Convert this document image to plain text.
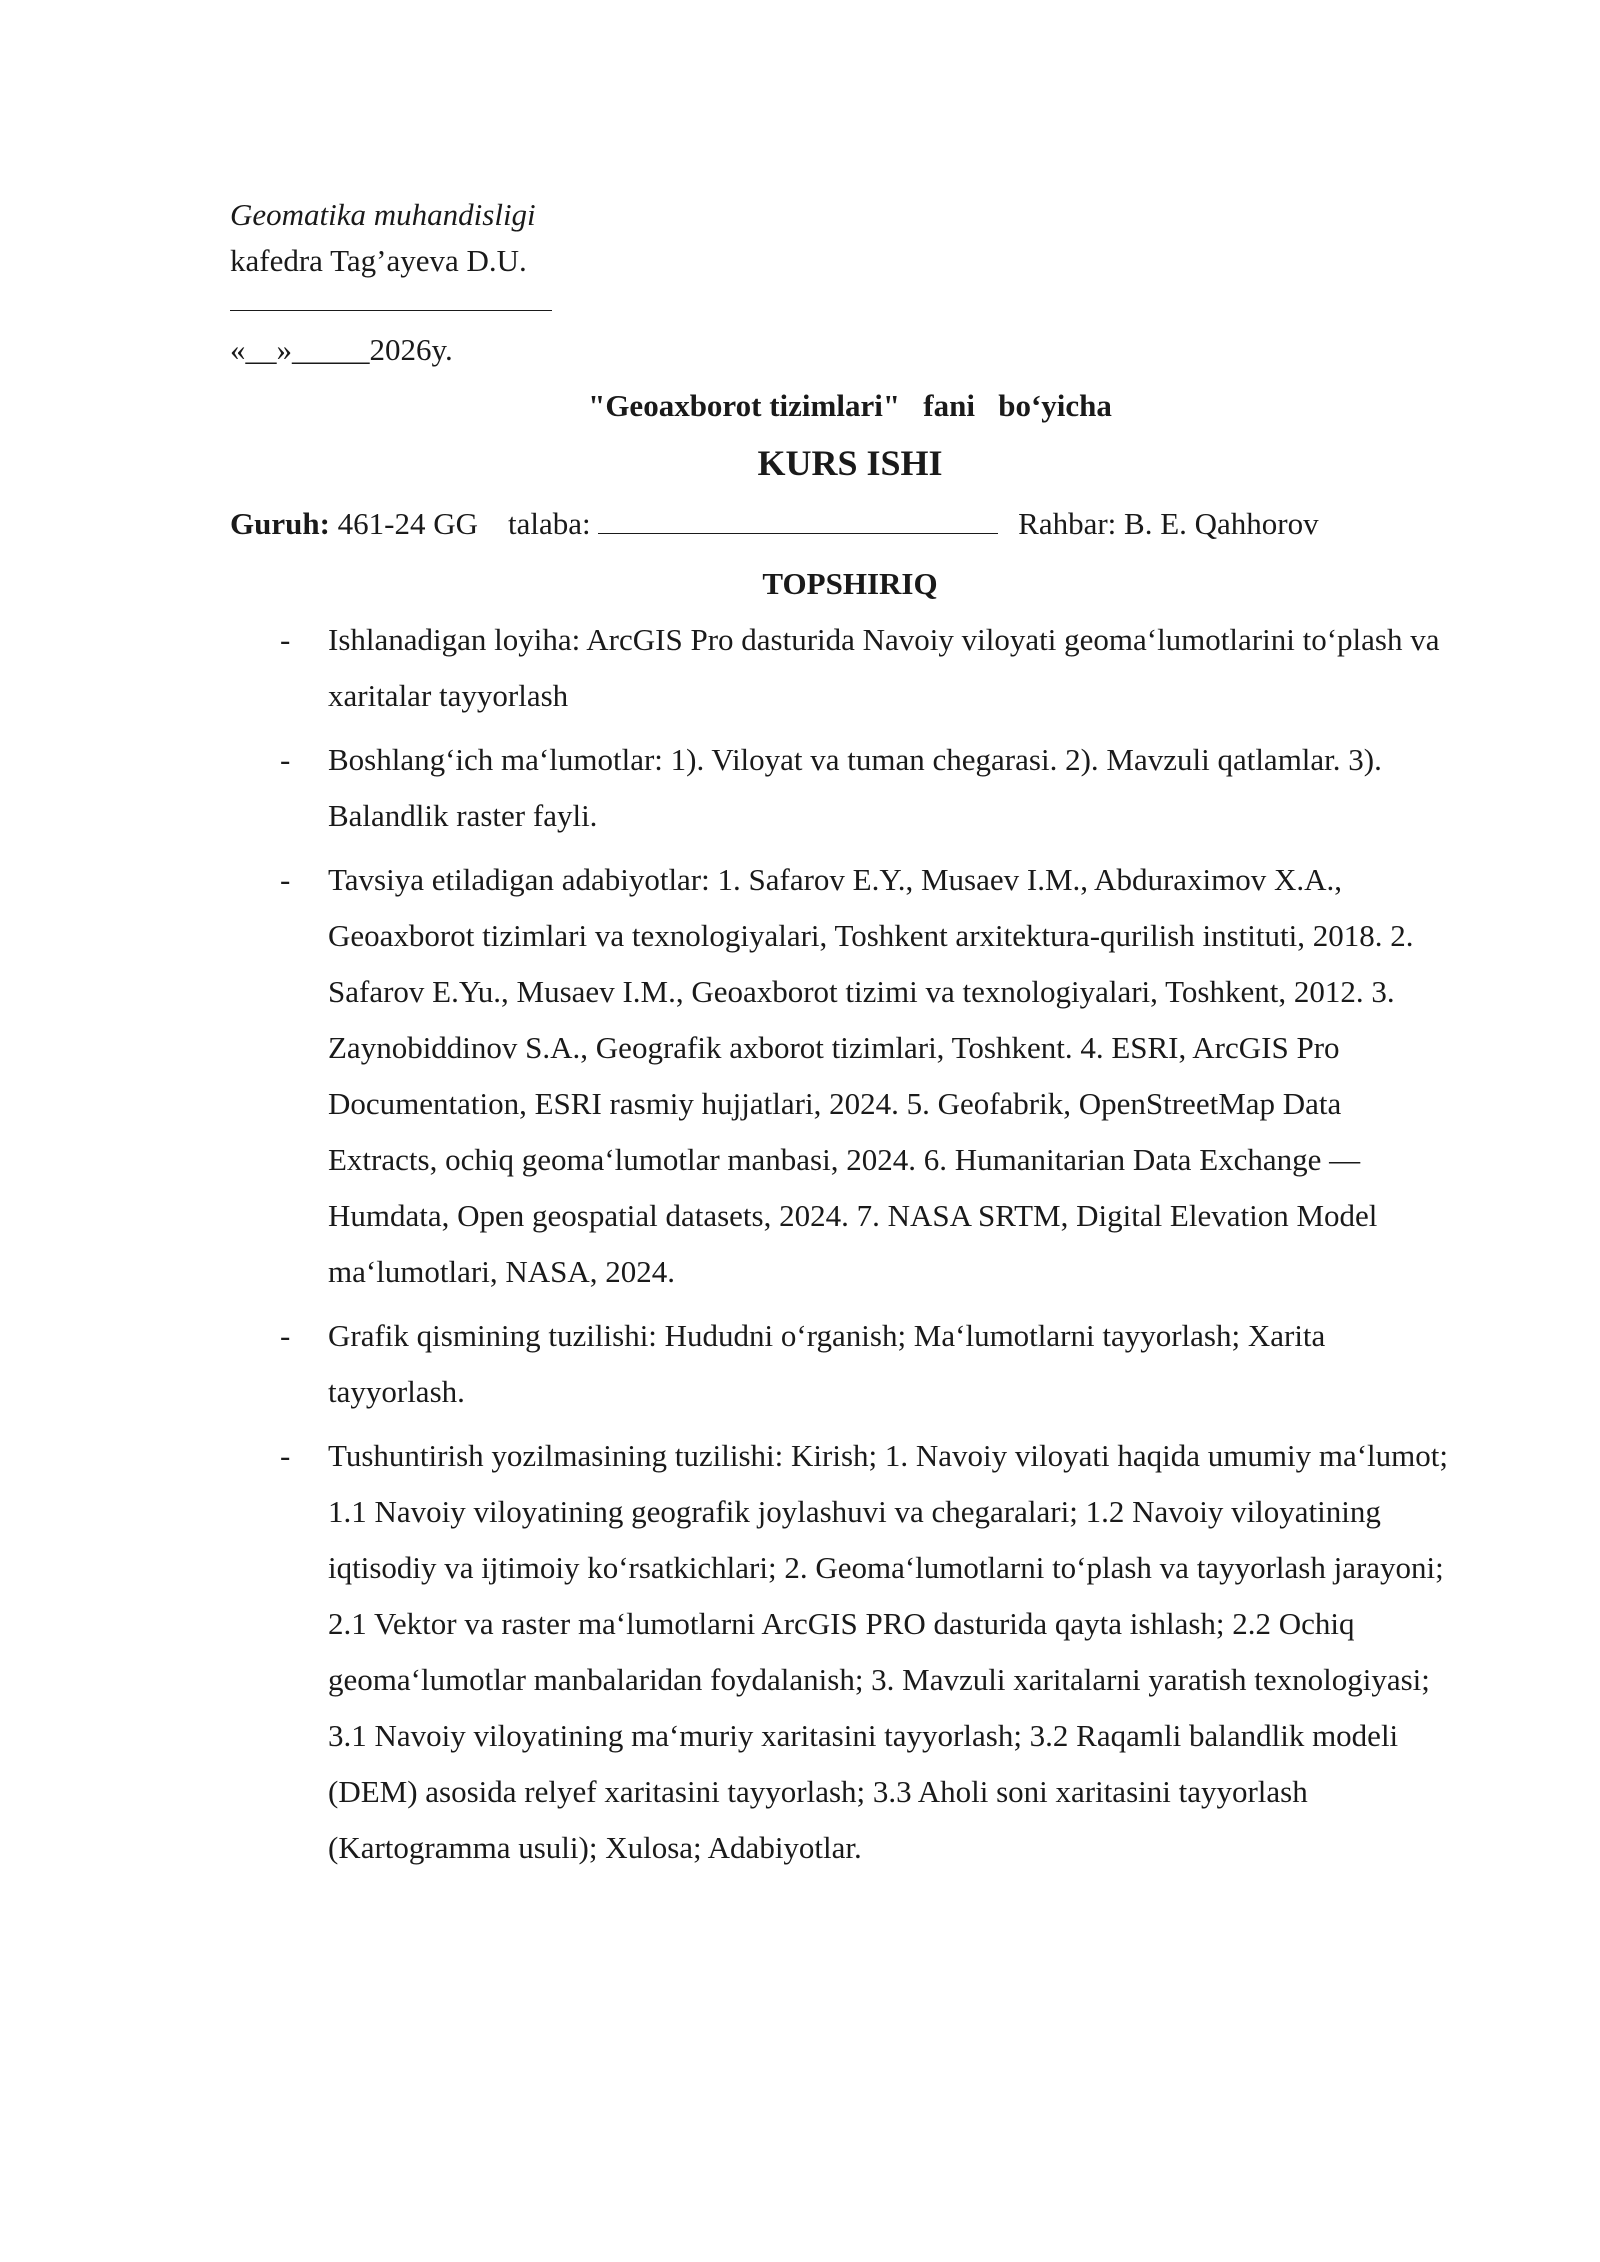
Geomatika muhandisligi
kafedra Tag’ayeva D.U.
«__»_____2026y.
"Geoaxborot tizimlari"   fani   bo‘yicha
KURS ISHI
Guruh: 461-24 GG talaba:	Rahbar: B. E. Qahhorov
TOPSHIRIQ
- Ishlanadigan loyiha: ArcGIS Pro dasturida Navoiy viloyati geoma‘lumotlarini to‘plash va xaritalar tayyorlash
- Boshlang‘ich ma‘lumotlar: 1). Viloyat va tuman chegarasi. 2). Mavzuli qatlamlar. 3). Balandlik raster fayli.
- Tavsiya etiladigan adabiyotlar: 1. Safarov E.Y., Musaev I.M., Abduraximov X.A., Geoaxborot tizimlari va texnologiyalari, Toshkent arxitektura-qurilish instituti, 2018. 2. Safarov E.Yu., Musaev I.M., Geoaxborot tizimi va texnologiyalari, Toshkent, 2012. 3. Zaynobiddinov S.A., Geografik axborot tizimlari, Toshkent. 4. ESRI, ArcGIS Pro Documentation, ESRI rasmiy hujjatlari, 2024. 5. Geofabrik, OpenStreetMap Data Extracts, ochiq geoma‘lumotlar manbasi, 2024. 6. Humanitarian Data Exchange — Humdata, Open geospatial datasets, 2024. 7. NASA SRTM, Digital Elevation Model ma‘lumotlari, NASA, 2024.
- Grafik qismining tuzilishi: Hududni o‘rganish; Ma‘lumotlarni tayyorlash; Xarita tayyorlash.
- Tushuntirish yozilmasining tuzilishi: Kirish; 1. Navoiy viloyati haqida umumiy ma‘lumot; 1.1 Navoiy viloyatining geografik joylashuvi va chegaralari; 1.2 Navoiy viloyatining iqtisodiy va ijtimoiy ko‘rsatkichlari; 2. Geoma‘lumotlarni to‘plash va tayyorlash jarayoni; 2.1 Vektor va raster ma‘lumotlarni ArcGIS PRO dasturida qayta ishlash; 2.2 Ochiq geoma‘lumotlar manbalaridan foydalanish; 3. Mavzuli xaritalarni yaratish texnologiyasi; 3.1 Navoiy viloyatining ma‘muriy xaritasini tayyorlash; 3.2 Raqamli balandlik modeli (DEM) asosida relyef xaritasini tayyorlash; 3.3 Aholi soni xaritasini tayyorlash (Kartogramma usuli); Xulosa; Adabiyotlar.
